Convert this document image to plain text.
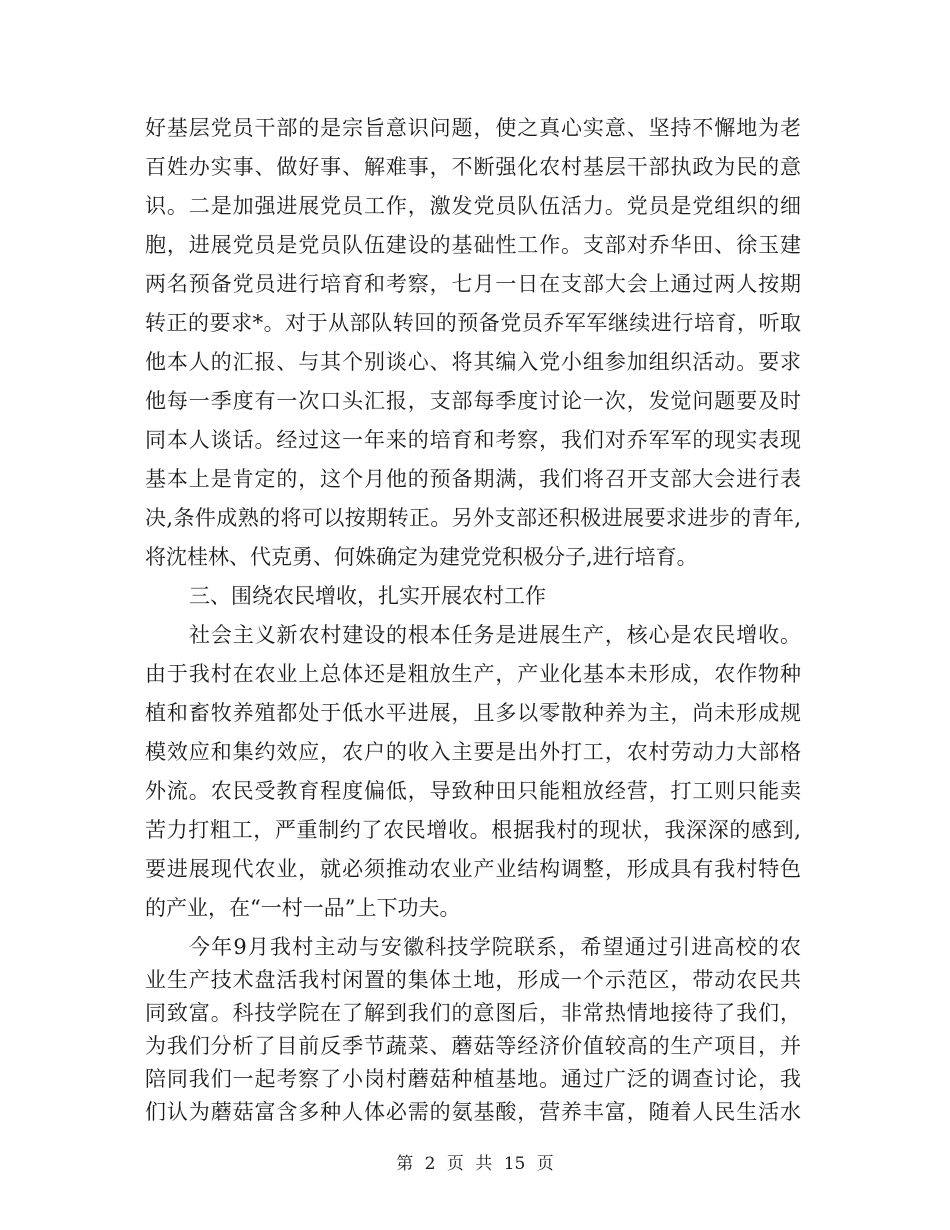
好基层党员干部的是宗旨意识问题，使之真心实意、坚持不懈地为老
百姓办实事、做好事、解难事，不断强化农村基层干部执政为民的意
识。二是加强进展党员工作，激发党员队伍活力。党员是党组织的细
胞，进展党员是党员队伍建设的基础性工作。支部对乔华田、徐玉建
两名预备党员进行培育和考察，七月一日在支部大会上通过两人按期
转正的要求*。对于从部队转回的预备党员乔军军继续进行培育，听取
他本人的汇报、与其个别谈心、将其编入党小组参加组织活动。要求
他每一季度有一次口头汇报，支部每季度讨论一次，发觉问题要及时
同本人谈话。经过这一年来的培育和考察，我们对乔军军的现实表现
基本上是肯定的，这个月他的预备期满，我们将召开支部大会进行表
决,条件成熟的将可以按期转正。另外支部还积极进展要求进步的青年,
将沈桂林、代克勇、何姝确定为建党党积极分子,进行培育。
三、围绕农民增收，扎实开展农村工作
社会主义新农村建设的根本任务是进展生产，核心是农民增收。
由于我村在农业上总体还是粗放生产，产业化基本未形成，农作物种
植和畜牧养殖都处于低水平进展，且多以零散种养为主，尚未形成规
模效应和集约效应，农户的收入主要是出外打工，农村劳动力大部格
外流。农民受教育程度偏低，导致种田只能粗放经营，打工则只能卖
苦力打粗工，严重制约了农民增收。根据我村的现状，我深深的感到,
要进展现代农业，就必须推动农业产业结构调整，形成具有我村特色
的产业，在“一村一品”上下功夫。
今年9月我村主动与安徽科技学院联系，希望通过引进高校的农
业生产技术盘活我村闲置的集体土地，形成一个示范区，带动农民共
同致富。科技学院在了解到我们的意图后，非常热情地接待了我们，
为我们分析了目前反季节蔬菜、蘑菇等经济价值较高的生产项目，并
陪同我们一起考察了小岗村蘑菇种植基地。通过广泛的调查讨论，我
们认为蘑菇富含多种人体必需的氨基酸，营养丰富，随着人民生活水
第 2 页 共 15 页
